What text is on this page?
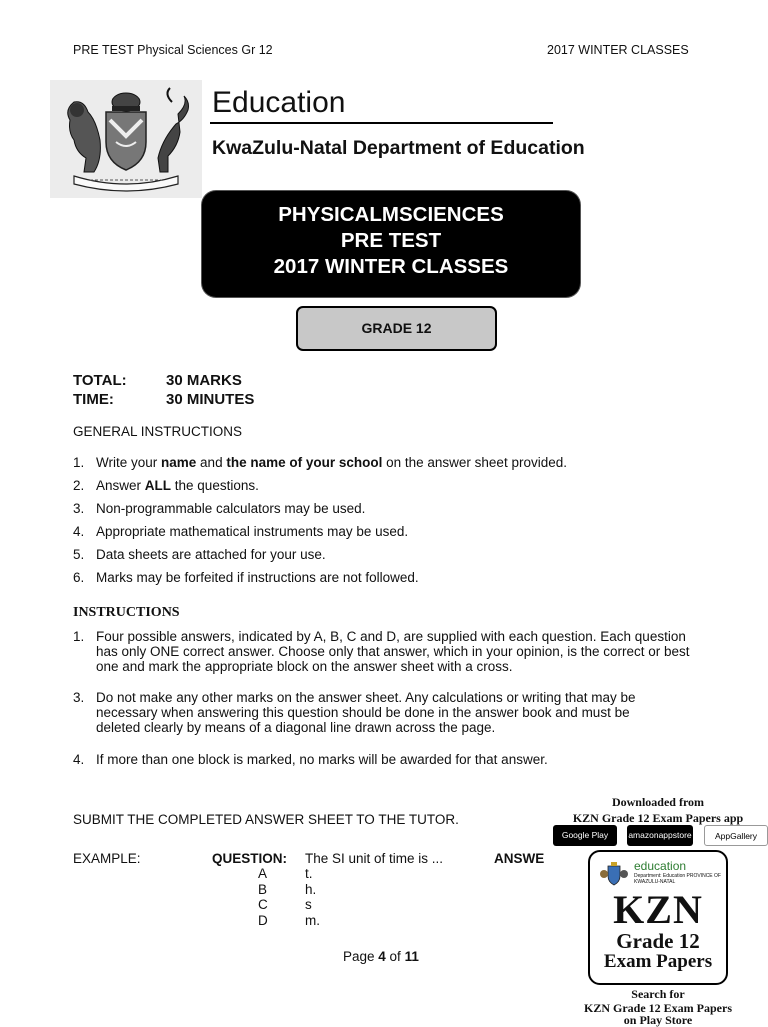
PRE TEST Physical Sciences Gr 12	2017 WINTER CLASSES
Education
KwaZulu-Natal Department of Education
PHYSICALMSCIENCES
PRE TEST
2017 WINTER CLASSES
GRADE 12
TOTAL:	30 MARKS
TIME:	30 MINUTES
GENERAL INSTRUCTIONS
1. Write your name and the name of your school on the answer sheet provided.
2. Answer ALL the questions.
3. Non-programmable calculators may be used.
4. Appropriate mathematical instruments may be used.
5. Data sheets are attached for your use.
6. Marks may be forfeited if instructions are not followed.
INSTRUCTIONS
1. Four possible answers, indicated by A, B, C and D, are supplied with each question. Each question has only ONE correct answer. Choose only that answer, which in your opinion, is the correct or best one and mark the appropriate block on the answer sheet with a cross.
3. Do not make any other marks on the answer sheet. Any calculations or writing that may be necessary when answering this question should be done in the answer book and must be deleted clearly by means of a diagonal line drawn across the page.
4. If more than one block is marked, no marks will be awarded for that answer.
SUBMIT THE COMPLETED ANSWER SHEET TO THE TUTOR.
EXAMPLE:	QUESTION: The SI unit of time is ...	ANSWE
A	t.
B	h.
C	s
D	m.
Page 4 of 11
Downloaded from
KZN Grade 12 Exam Papers app
Google Play	amazonappstore	AppGallery
education
Department: Education PROVINCE OF KWAZULU-NATAL
KZN
Grade 12
Exam Papers
Search for
KZN Grade 12 Exam Papers
on Play Store
